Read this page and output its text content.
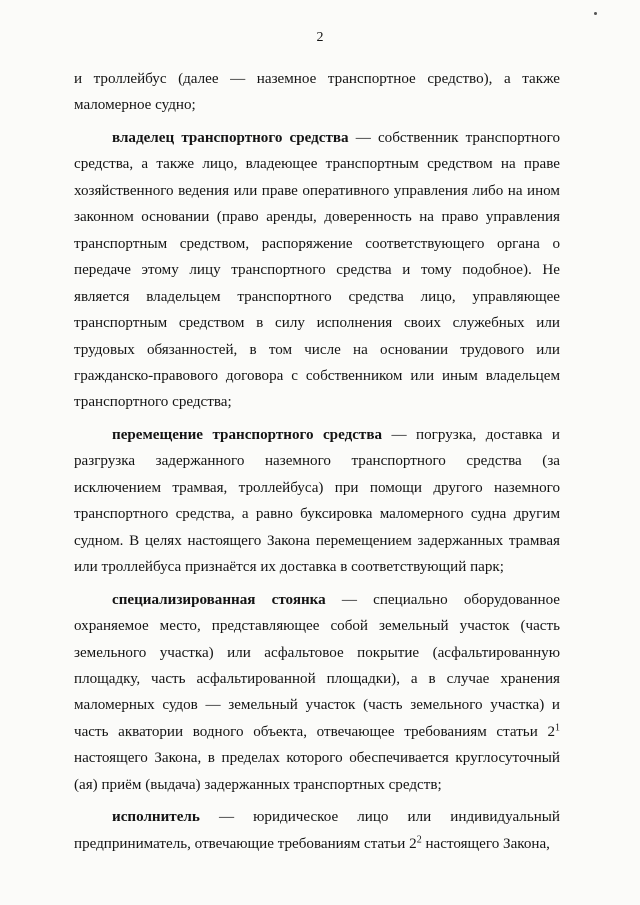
2

и троллейбус (далее — наземное транспортное средство), а также маломерное судно;

владелец транспортного средства — собственник транспортного средства, а также лицо, владеющее транспортным средством на праве хозяйственного ведения или праве оперативного управления либо на ином законном основании (право аренды, доверенность на право управления транспортным средством, распоряжение соответствующего органа о передаче этому лицу транспортного средства и тому подобное). Не является владельцем транспортного средства лицо, управляющее транспортным средством в силу исполнения своих служебных или трудовых обязанностей, в том числе на основании трудового или гражданско-правового договора с собственником или иным владельцем транспортного средства;

перемещение транспортного средства — погрузка, доставка и разгрузка задержанного наземного транспортного средства (за исключением трамвая, троллейбуса) при помощи другого наземного транспортного средства, а равно буксировка маломерного судна другим судном. В целях настоящего Закона перемещением задержанных трамвая или троллейбуса признаётся их доставка в соответствующий парк;

специализированная стоянка — специально оборудованное охраняемое место, представляющее собой земельный участок (часть земельного участка) или асфальтовое покрытие (асфальтированную площадку, часть асфальтированной площадки), а в случае хранения маломерных судов — земельный участок (часть земельного участка) и часть акватории водного объекта, отвечающее требованиям статьи $2^1$ настоящего Закона, в пределах которого обеспечивается круглосуточный (ая) приём (выдача) задержанных транспортных средств;

исполнитель — юридическое лицо или индивидуальный предприниматель, отвечающие требованиям статьи $2^2$ настоящего Закона,
